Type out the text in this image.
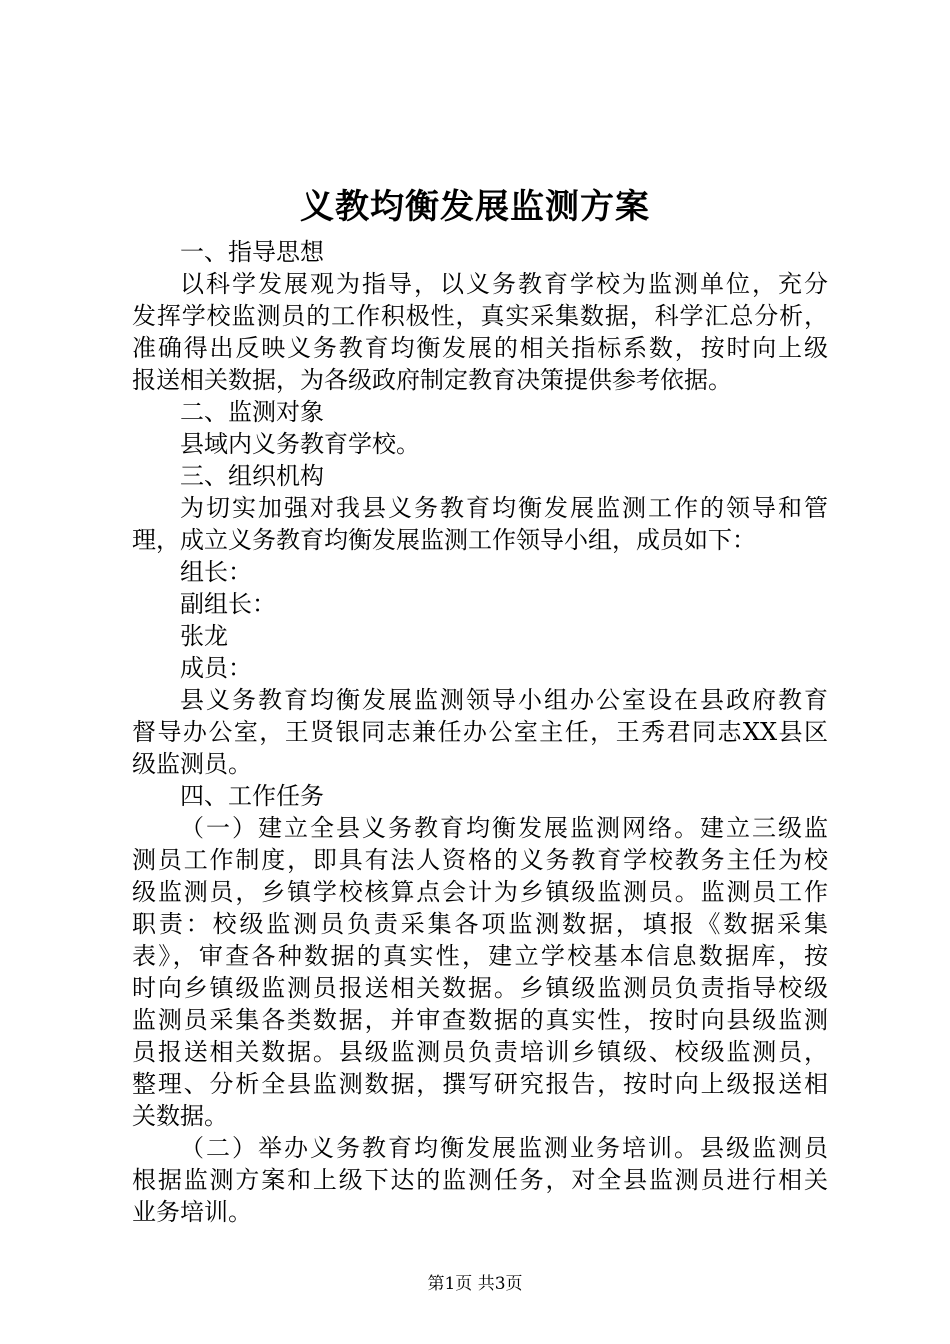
义教均衡发展监测方案
一、指导思想
以科学发展观为指导，以义务教育学校为监测单位，充分
发挥学校监测员的工作积极性，真实采集数据，科学汇总分析，
准确得出反映义务教育均衡发展的相关指标系数，按时向上级
报送相关数据，为各级政府制定教育决策提供参考依据。
二、监测对象
县域内义务教育学校。
三、组织机构
为切实加强对我县义务教育均衡发展监测工作的领导和管
理，成立义务教育均衡发展监测工作领导小组，成员如下：
组长：
副组长：
张龙
成员：
县义务教育均衡发展监测领导小组办公室设在县政府教育
督导办公室，王贤银同志兼任办公室主任，王秀君同志XX县区
级监测员。
四、工作任务
（一）建立全县义务教育均衡发展监测网络。建立三级监
测员工作制度，即具有法人资格的义务教育学校教务主任为校
级监测员，乡镇学校核算点会计为乡镇级监测员。监测员工作
职责：校级监测员负责采集各项监测数据，填报《数据采集
表》，审查各种数据的真实性，建立学校基本信息数据库，按
时向乡镇级监测员报送相关数据。乡镇级监测员负责指导校级
监测员采集各类数据，并审查数据的真实性，按时向县级监测
员报送相关数据。县级监测员负责培训乡镇级、校级监测员，
整理、分析全县监测数据，撰写研究报告，按时向上级报送相
关数据。
（二）举办义务教育均衡发展监测业务培训。县级监测员
根据监测方案和上级下达的监测任务，对全县监测员进行相关
业务培训。
第1页 共3页
